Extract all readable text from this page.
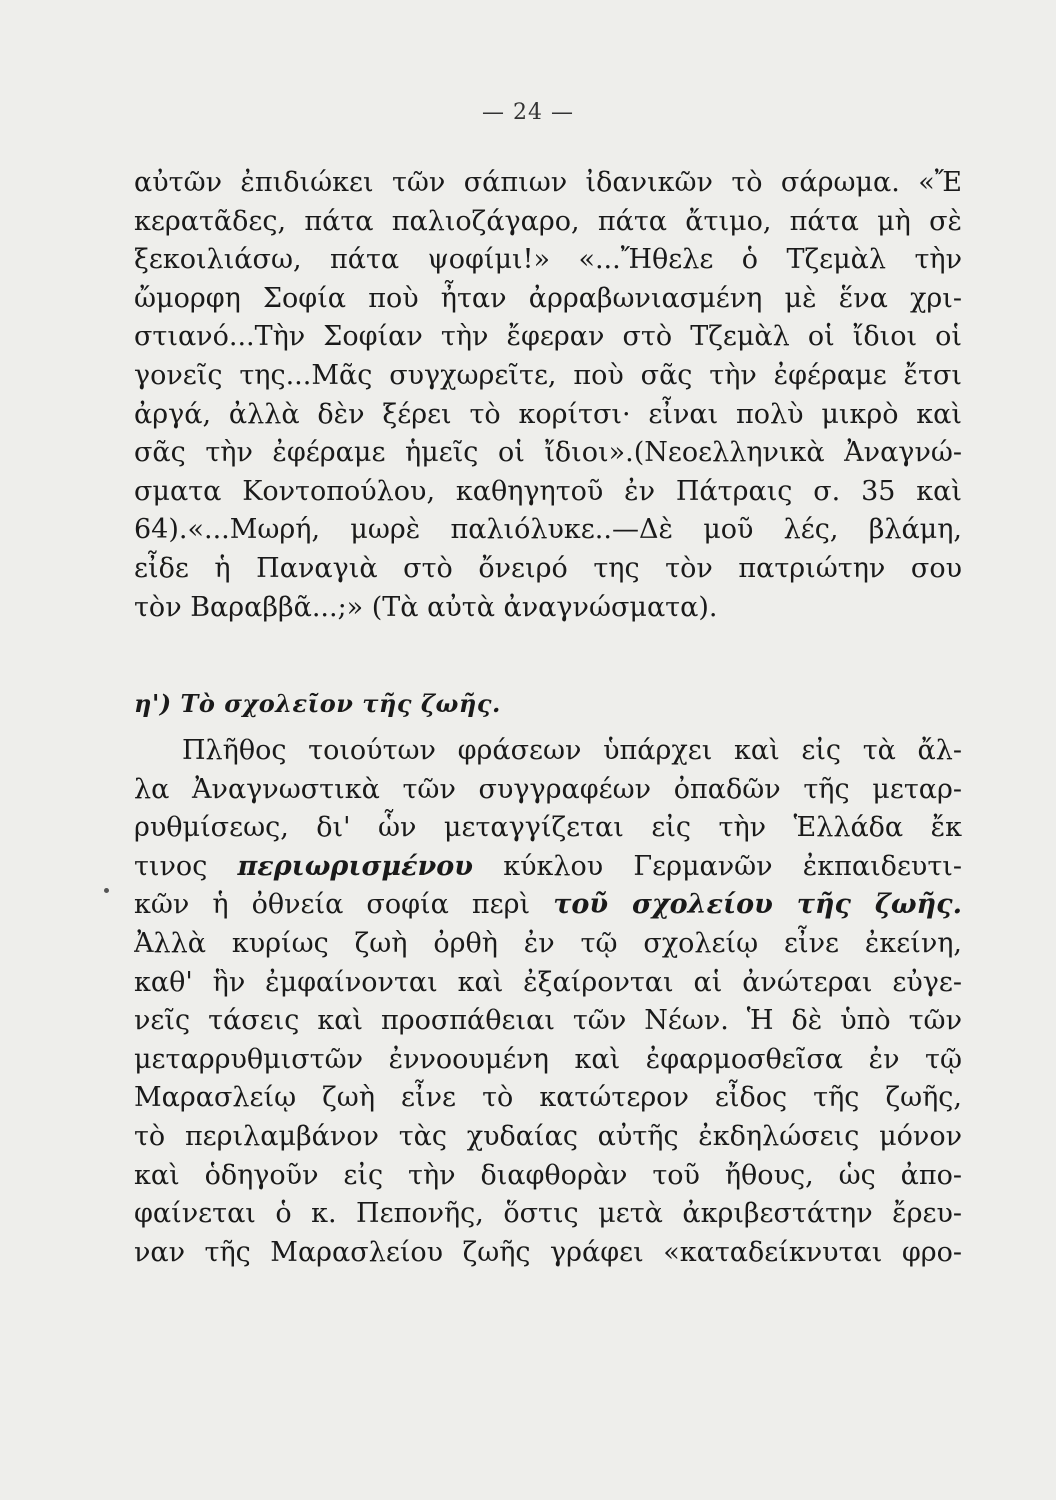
— 24 —
αὐτῶν ἐπιδιώκει τῶν σάπιων ἰδανικῶν τὸ σάρωμα. «Ἔ
κερατᾶδες, πάτα παλιοζάγαρο, πάτα ἄτιμο, πάτα μὴ σὲ
ξεκοιλιάσω, πάτα ψοφίμι!» «...Ἤθελε ὁ Τζεμὰλ τὴν
ὤμορφη Σοφία ποὺ ἦταν ἀρραβωνιασμένη μὲ ἕνα χρι-
στιανό...Τὴν Σοφίαν τὴν ἔφεραν στὸ Τζεμὰλ οἱ ἴδιοι οἱ
γονεῖς της...Μᾶς συγχωρεῖτε, ποὺ σᾶς τὴν ἐφέραμε ἔτσι
ἀργά, ἀλλὰ δὲν ξέρει τὸ κορίτσι· εἶναι πολὺ μικρὸ καὶ
σᾶς τὴν ἐφέραμε ἡμεῖς οἱ ἴδιοι».(Νεοελληνικὰ Ἀναγνώ-
σματα Κοντοπούλου, καθηγητοῦ ἐν Πάτραις σ. 35 καὶ
64).«...Μωρή, μωρὲ παλιόλυκε..—Δὲ μοῦ λές, βλάμη,
εἶδε ἡ Παναγιὰ στὸ ὄνειρό της τὸν πατριώτην σου
τὸν Βαραββᾶ...;» (Τὰ αὐτὰ ἀναγνώσματα).
η') Τὸ σχολεῖον τῆς ζωῆς.
Πλῆθος τοιούτων φράσεων ὑπάρχει καὶ εἰς τὰ ἄλ-
λα Ἀναγνωστικὰ τῶν συγγραφέων ὀπαδῶν τῆς μεταρ-
ρυθμίσεως, δι' ὧν μεταγγίζεται εἰς τὴν Ἑλλάδα ἔκ
τινος περιωρισμένου κύκλου Γερμανῶν ἐκπαιδευτι-
κῶν ἡ ὀθνεία σοφία περὶ τοῦ σχολείου τῆς ζωῆς.
Ἀλλὰ κυρίως ζωὴ ὀρθὴ ἐν τῷ σχολείῳ εἶνε ἐκείνη,
καθ' ἣν ἐμφαίνονται καὶ ἐξαίρονται αἱ ἀνώτεραι εὐγε-
νεῖς τάσεις καὶ προσπάθειαι τῶν Νέων. Ἡ δὲ ὑπὸ τῶν
μεταρρυθμιστῶν ἐννοουμένη καὶ ἐφαρμοσθεῖσα ἐν τῷ
Μαρασλείῳ ζωὴ εἶνε τὸ κατώτερον εἶδος τῆς ζωῆς,
τὸ περιλαμβάνον τὰς χυδαίας αὐτῆς ἐκδηλώσεις μόνον
καὶ ὁδηγοῦν εἰς τὴν διαφθορὰν τοῦ ἤθους, ὡς ἀπο-
φαίνεται ὁ κ. Πεπονῆς, ὅστις μετὰ ἀκριβεστάτην ἔρευ-
ναν τῆς Μαρασλείου ζωῆς γράφει «καταδείκνυται φρο-
